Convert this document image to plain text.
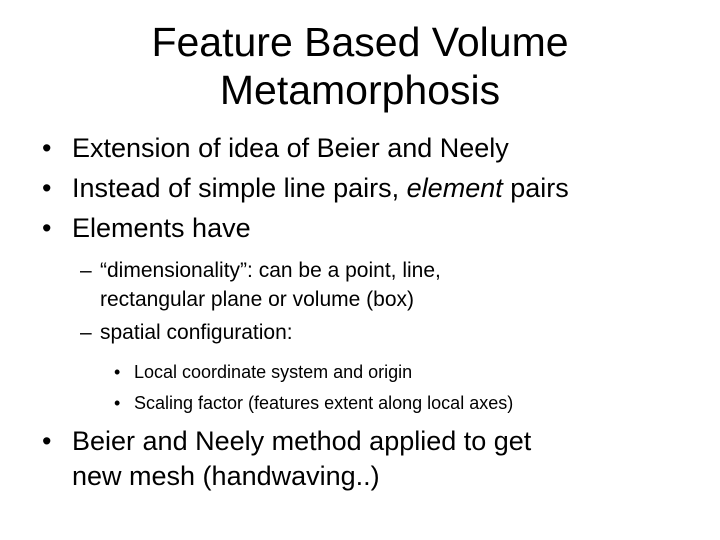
Feature Based Volume
Metamorphosis
• Extension of idea of Beier and Neely
• Instead of simple line pairs, element pairs
• Elements have
– “dimensionality”: can be a point, line,
rectangular plane or volume (box)
– spatial configuration:
• Local coordinate system and origin
• Scaling factor (features extent along local axes)
• Beier and Neely method applied to get
new mesh (handwaving..)
